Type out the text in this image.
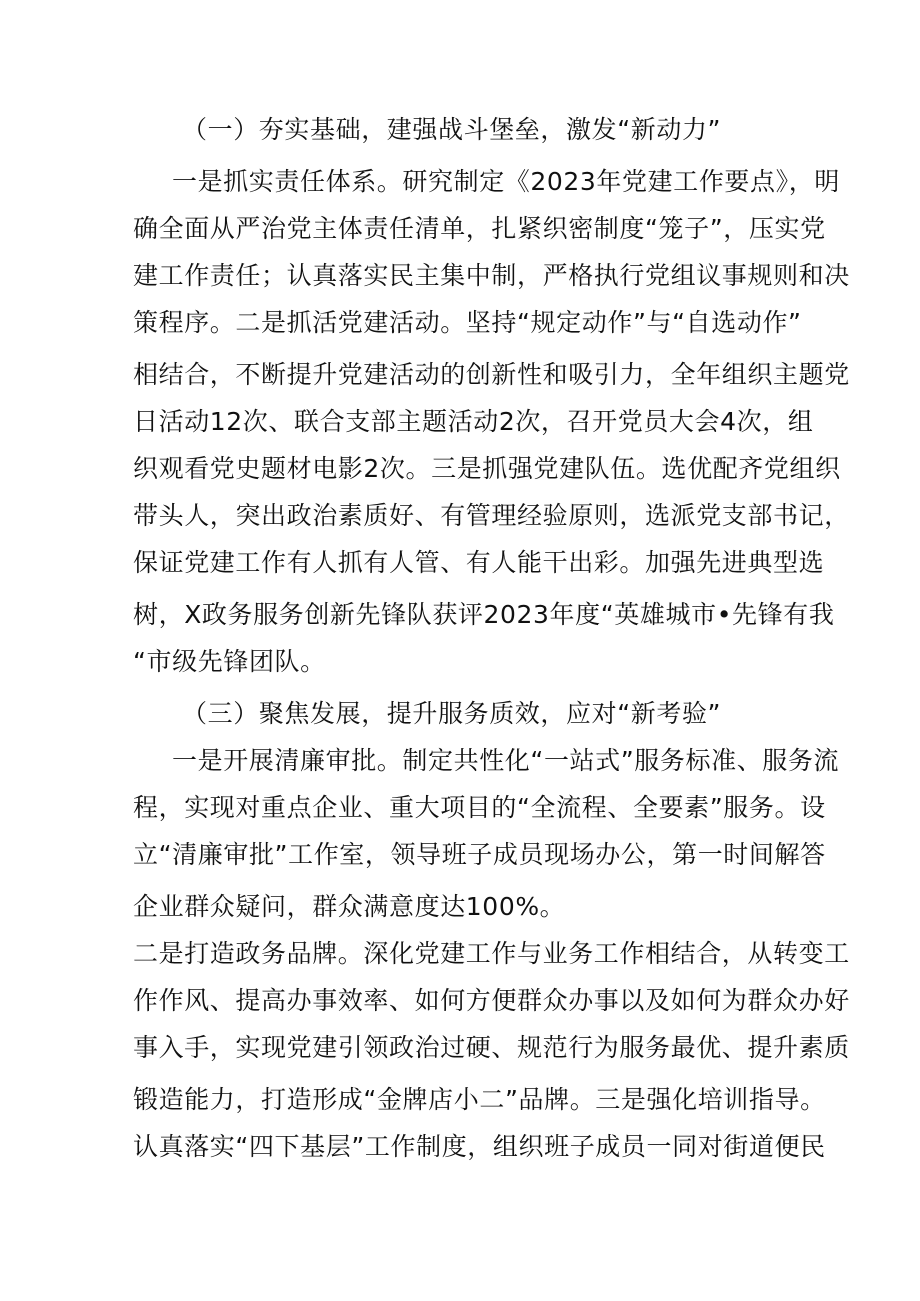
（一）夯实基础，建强战斗堡垒，激发“新动力”
一是抓实责任体系。研究制定《2023年党建工作要点》，明
确全面从严治党主体责任清单，扎紧织密制度“笼子”，压实党
建工作责任；认真落实民主集中制，严格执行党组议事规则和决
策程序。二是抓活党建活动。坚持“规定动作”与“自选动作”
相结合，不断提升党建活动的创新性和吸引力，全年组织主题党
日活动12次、联合支部主题活动2次，召开党员大会4次，组
织观看党史题材电影2次。三是抓强党建队伍。选优配齐党组织
带头人，突出政治素质好、有管理经验原则，选派党支部书记，
保证党建工作有人抓有人管、有人能干出彩。加强先进典型选
树，X政务服务创新先锋队获评2023年度“英雄城市•先锋有我
“市级先锋团队。
（三）聚焦发展，提升服务质效，应对“新考验”
一是开展清廉审批。制定共性化“一站式”服务标准、服务流
程，实现对重点企业、重大项目的“全流程、全要素”服务。设
立“清廉审批”工作室，领导班子成员现场办公，第一时间解答
企业群众疑问，群众满意度达100%。
二是打造政务品牌。深化党建工作与业务工作相结合，从转变工
作作风、提高办事效率、如何方便群众办事以及如何为群众办好
事入手，实现党建引领政治过硬、规范行为服务最优、提升素质
锻造能力，打造形成“金牌店小二”品牌。三是强化培训指导。
认真落实“四下基层”工作制度，组织班子成员一同对街道便民
